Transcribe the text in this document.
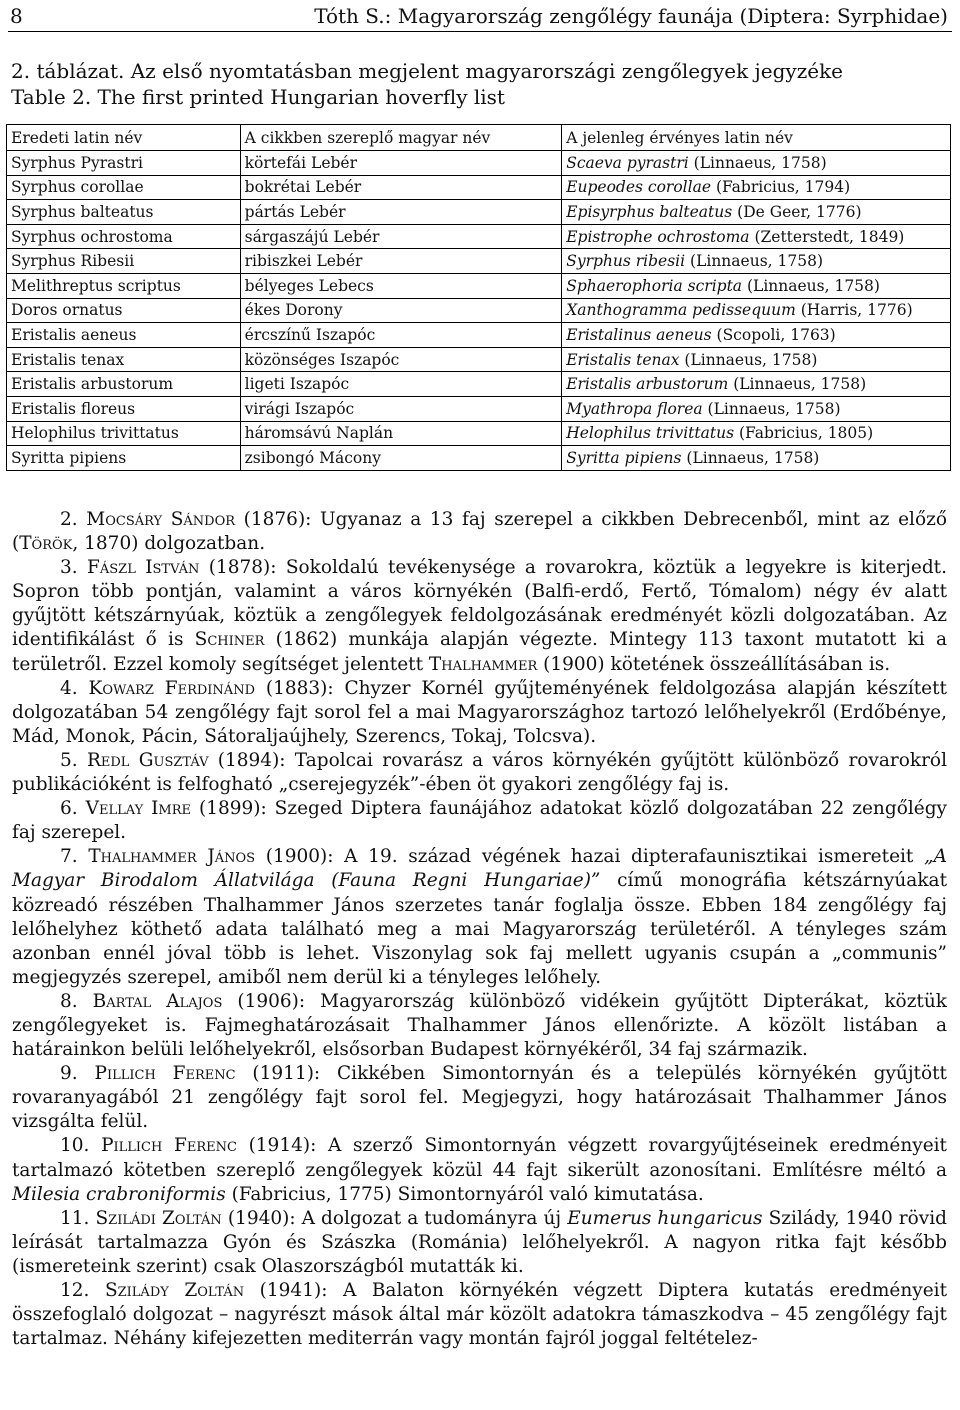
8	Tóth S.: Magyarország zengőlégy faunája (Diptera: Syrphidae)
2. táblázat. Az első nyomtatásban megjelent magyarországi zengőlegyek jegyzéke
Table 2. The first printed Hungarian hoverfly list
Eredeti latin név	A cikkben szereplő magyar név	A jelenleg érvényes latin név
Syrphus Pyrastri	körtefái Lebér	Scaeva pyrastri (Linnaeus, 1758)
Syrphus corollae	bokrétai Lebér	Eupeodes corollae (Fabricius, 1794)
Syrphus balteatus	pártás Lebér	Episyrphus balteatus (De Geer, 1776)
Syrphus ochrostoma	sárgaszájú Lebér	Epistrophe ochrostoma (Zetterstedt, 1849)
Syrphus Ribesii	ribiszkei Lebér	Syrphus ribesii (Linnaeus, 1758)
Melithreptus scriptus	bélyeges Lebecs	Sphaerophoria scripta (Linnaeus, 1758)
Doros ornatus	ékes Dorony	Xanthogramma pedissequum (Harris, 1776)
Eristalis aeneus	ércszínű Iszapóc	Eristalinus aeneus (Scopoli, 1763)
Eristalis tenax	közönséges Iszapóc	Eristalis tenax (Linnaeus, 1758)
Eristalis arbustorum	ligeti Iszapóc	Eristalis arbustorum (Linnaeus, 1758)
Eristalis floreus	virági Iszapóc	Myathropa florea (Linnaeus, 1758)
Helophilus trivittatus	háromsávú Naplán	Helophilus trivittatus (Fabricius, 1805)
Syritta pipiens	zsibongó Mácony	Syritta pipiens (Linnaeus, 1758)

2. Mocsáry Sándor (1876): Ugyanaz a 13 faj szerepel a cikkben Debrecenből, mint az előző (Török, 1870) dolgozatban.

3. Fászl István (1878): Sokoldalú tevékenysége a rovarokra, köztük a legyekre is kiterjedt. Sopron több pontján, valamint a város környékén (Balfi-erdő, Fertő, Tómalom) négy év alatt gyűjtött kétszárnyúak, köztük a zengőlegyek feldolgozásának eredményét közli dolgozatában. Az identifikálást ő is Schiner (1862) munkája alapján végezte. Mintegy 113 taxont mutatott ki a területről. Ezzel komoly segítséget jelentett Thalhammer (1900) kötetének összeállításában is.

4. Kowarz Ferdinánd (1883): Chyzer Kornél gyűjteményének feldolgozása alapján készített dolgozatában 54 zengőlégy fajt sorol fel a mai Magyarországhoz tartozó lelőhelyekről (Erdőbénye, Mád, Monok, Pácin, Sátoraljaújhely, Szerencs, Tokaj, Tolcsva).

5. Redl Gusztáv (1894): Tapolcai rovarász a város környékén gyűjtött különböző rovarokról publikációként is felfogható „cserejegyzék”-ében öt gyakori zengőlégy faj is.

6. Vellay Imre (1899): Szeged Diptera faunájához adatokat közlő dolgozatában 22 zengőlégy faj szerepel.

7. Thalhammer János (1900): A 19. század végének hazai dipterafaunisztikai ismereteit „A Magyar Birodalom Állatvilága (Fauna Regni Hungariae)” című monográfia kétszárnyúakat közreadó részében Thalhammer János szerzetes tanár foglalja össze. Ebben 184 zengőlégy faj lelőhelyhez köthető adata található meg a mai Magyarország területéről. A tényleges szám azonban ennél jóval több is lehet. Viszonylag sok faj mellett ugyanis csupán a „communis” megjegyzés szerepel, amiből nem derül ki a tényleges lelőhely.

8. Bartal Alajos (1906): Magyarország különböző vidékein gyűjtött Dipterákat, köztük zengőlegyeket is. Fajmeghatározásait Thalhammer János ellenőrizte. A közölt listában a határainkon belüli lelőhelyekről, elsősorban Budapest környékéről, 34 faj származik.

9. Pillich Ferenc (1911): Cikkében Simontornyán és a település környékén gyűjtött rovaranyagából 21 zengőlégy fajt sorol fel. Megjegyzi, hogy határozásait Thalhammer János vizsgálta felül.

10. Pillich Ferenc (1914): A szerző Simontornyán végzett rovargyűjtéseinek eredményeit tartalmazó kötetben szereplő zengőlegyek közül 44 fajt sikerült azonosítani. Említésre méltó a Milesia crabroniformis (Fabricius, 1775) Simontornyáról való kimutatása.

11. Sziládi Zoltán (1940): A dolgozat a tudományra új Eumerus hungaricus Szilády, 1940 rövid leírását tartalmazza Gyón és Szászka (Románia) lelőhelyekről. A nagyon ritka fajt később (ismereteink szerint) csak Olaszországból mutatták ki.

12. Szilády Zoltán (1941): A Balaton környékén végzett Diptera kutatás eredményeit összefoglaló dolgozat – nagyrészt mások által már közölt adatokra támaszkodva – 45 zengőlégy fajt tartalmaz. Néhány kifejezetten mediterrán vagy montán fajról joggal feltételez-
